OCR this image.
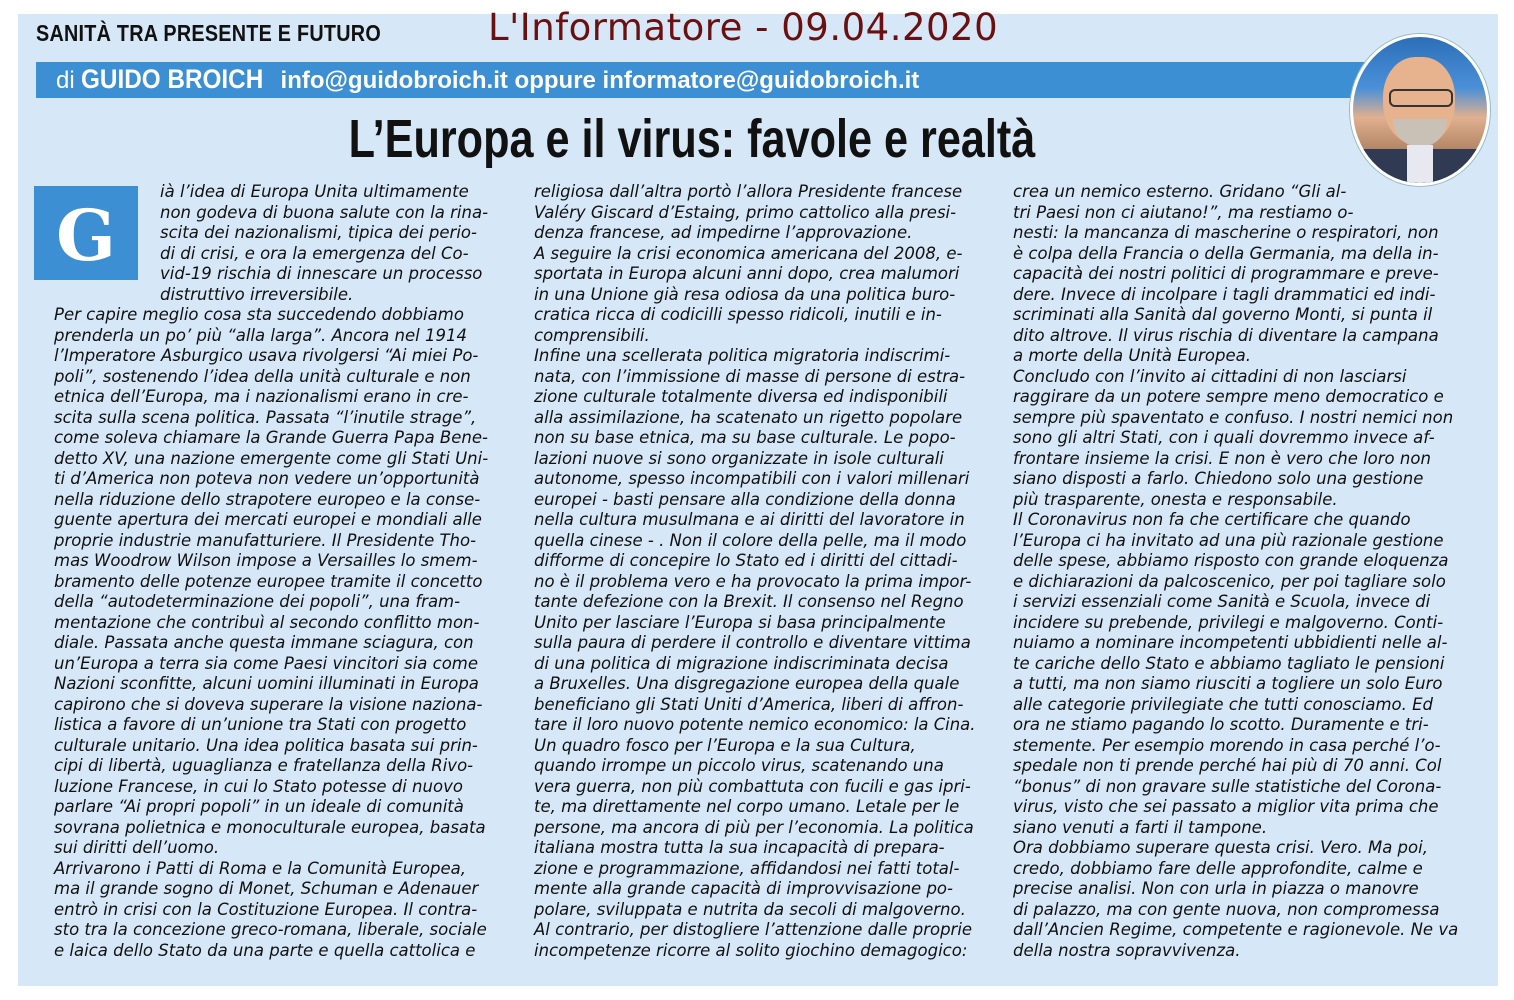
SANITÀ TRA PRESENTE E FUTURO	L'Informatore - 09.04.2020
di GUIDO BROICH info@guidobroich.it oppure informatore@guidobroich.it
L’Europa e il virus: favole e realtà
G
ià l’idea di Europa Unita ultimamente
non godeva di buona salute con la rina-
scita dei nazionalismi, tipica dei perio-
di di crisi, e ora la emergenza del Co-
vid-19 rischia di innescare un processo
distruttivo irreversibile.
Per capire meglio cosa sta succedendo dobbiamo
prenderla un po’ più “alla larga”. Ancora nel 1914
l’Imperatore Asburgico usava rivolgersi “Ai miei Po-
poli”, sostenendo l’idea della unità culturale e non
etnica dell’Europa, ma i nazionalismi erano in cre-
scita sulla scena politica. Passata “l’inutile strage”,
come soleva chiamare la Grande Guerra Papa Bene-
detto XV, una nazione emergente come gli Stati Uni-
ti d’America non poteva non vedere un’opportunità
nella riduzione dello strapotere europeo e la conse-
guente apertura dei mercati europei e mondiali alle
proprie industrie manufatturiere. Il Presidente Tho-
mas Woodrow Wilson impose a Versailles lo smem-
bramento delle potenze europee tramite il concetto
della “autodeterminazione dei popoli”, una fram-
mentazione che contribuì al secondo conflitto mon-
diale. Passata anche questa immane sciagura, con
un’Europa a terra sia come Paesi vincitori sia come
Nazioni sconfitte, alcuni uomini illuminati in Europa
capirono che si doveva superare la visione naziona-
listica a favore di un’unione tra Stati con progetto
culturale unitario. Una idea politica basata sui prin-
cipi di libertà, uguaglianza e fratellanza della Rivo-
luzione Francese, in cui lo Stato potesse di nuovo
parlare “Ai propri popoli” in un ideale di comunità
sovrana polietnica e monoculturale europea, basata
sui diritti dell’uomo.
Arrivarono i Patti di Roma e la Comunità Europea,
ma il grande sogno di Monet, Schuman e Adenauer
entrò in crisi con la Costituzione Europea. Il contra-
sto tra la concezione greco-romana, liberale, sociale
e laica dello Stato da una parte e quella cattolica e
religiosa dall’altra portò l’allora Presidente francese
Valéry Giscard d’Estaing, primo cattolico alla presi-
denza francese, ad impedirne l’approvazione.
A seguire la crisi economica americana del 2008, e-
sportata in Europa alcuni anni dopo, crea malumori
in una Unione già resa odiosa da una politica buro-
cratica ricca di codicilli spesso ridicoli, inutili e in-
comprensibili.
Infine una scellerata politica migratoria indiscrimi-
nata, con l’immissione di masse di persone di estra-
zione culturale totalmente diversa ed indisponibili
alla assimilazione, ha scatenato un rigetto popolare
non su base etnica, ma su base culturale. Le popo-
lazioni nuove si sono organizzate in isole culturali
autonome, spesso incompatibili con i valori millenari
europei - basti pensare alla condizione della donna
nella cultura musulmana e ai diritti del lavoratore in
quella cinese - . Non il colore della pelle, ma il modo
difforme di concepire lo Stato ed i diritti del cittadi-
no è il problema vero e ha provocato la prima impor-
tante defezione con la Brexit. Il consenso nel Regno
Unito per lasciare l’Europa si basa principalmente
sulla paura di perdere il controllo e diventare vittima
di una politica di migrazione indiscriminata decisa
a Bruxelles. Una disgregazione europea della quale
beneficiano gli Stati Uniti d’America, liberi di affron-
tare il loro nuovo potente nemico economico: la Cina.
Un quadro fosco per l’Europa e la sua Cultura,
quando irrompe un piccolo virus, scatenando una
vera guerra, non più combattuta con fucili e gas ipri-
te, ma direttamente nel corpo umano. Letale per le
persone, ma ancora di più per l’economia. La politica
italiana mostra tutta la sua incapacità di prepara-
zione e programmazione, affidandosi nei fatti total-
mente alla grande capacità di improvvisazione po-
polare, sviluppata e nutrita da secoli di malgoverno.
Al contrario, per distogliere l’attenzione dalle proprie
incompetenze ricorre al solito giochino demagogico:
crea un nemico esterno. Gridano “Gli al-
tri Paesi non ci aiutano!”, ma restiamo o-
nesti: la mancanza di mascherine o respiratori, non
è colpa della Francia o della Germania, ma della in-
capacità dei nostri politici di programmare e preve-
dere. Invece di incolpare i tagli drammatici ed indi-
scriminati alla Sanità dal governo Monti, si punta il
dito altrove. Il virus rischia di diventare la campana
a morte della Unità Europea.
Concludo con l’invito ai cittadini di non lasciarsi
raggirare da un potere sempre meno democratico e
sempre più spaventato e confuso. I nostri nemici non
sono gli altri Stati, con i quali dovremmo invece af-
frontare insieme la crisi. E non è vero che loro non
siano disposti a farlo. Chiedono solo una gestione
più trasparente, onesta e responsabile.
Il Coronavirus non fa che certificare che quando
l’Europa ci ha invitato ad una più razionale gestione
delle spese, abbiamo risposto con grande eloquenza
e dichiarazioni da palcoscenico, per poi tagliare solo
i servizi essenziali come Sanità e Scuola, invece di
incidere su prebende, privilegi e malgoverno. Conti-
nuiamo a nominare incompetenti ubbidienti nelle al-
te cariche dello Stato e abbiamo tagliato le pensioni
a tutti, ma non siamo riusciti a togliere un solo Euro
alle categorie privilegiate che tutti conosciamo. Ed
ora ne stiamo pagando lo scotto. Duramente e tri-
stemente. Per esempio morendo in casa perché l’o-
spedale non ti prende perché hai più di 70 anni. Col
“bonus” di non gravare sulle statistiche del Corona-
virus, visto che sei passato a miglior vita prima che
siano venuti a farti il tampone.
Ora dobbiamo superare questa crisi. Vero. Ma poi,
credo, dobbiamo fare delle approfondite, calme e
precise analisi. Non con urla in piazza o manovre
di palazzo, ma con gente nuova, non compromessa
dall’Ancien Regime, competente e ragionevole. Ne va
della nostra sopravvivenza.
